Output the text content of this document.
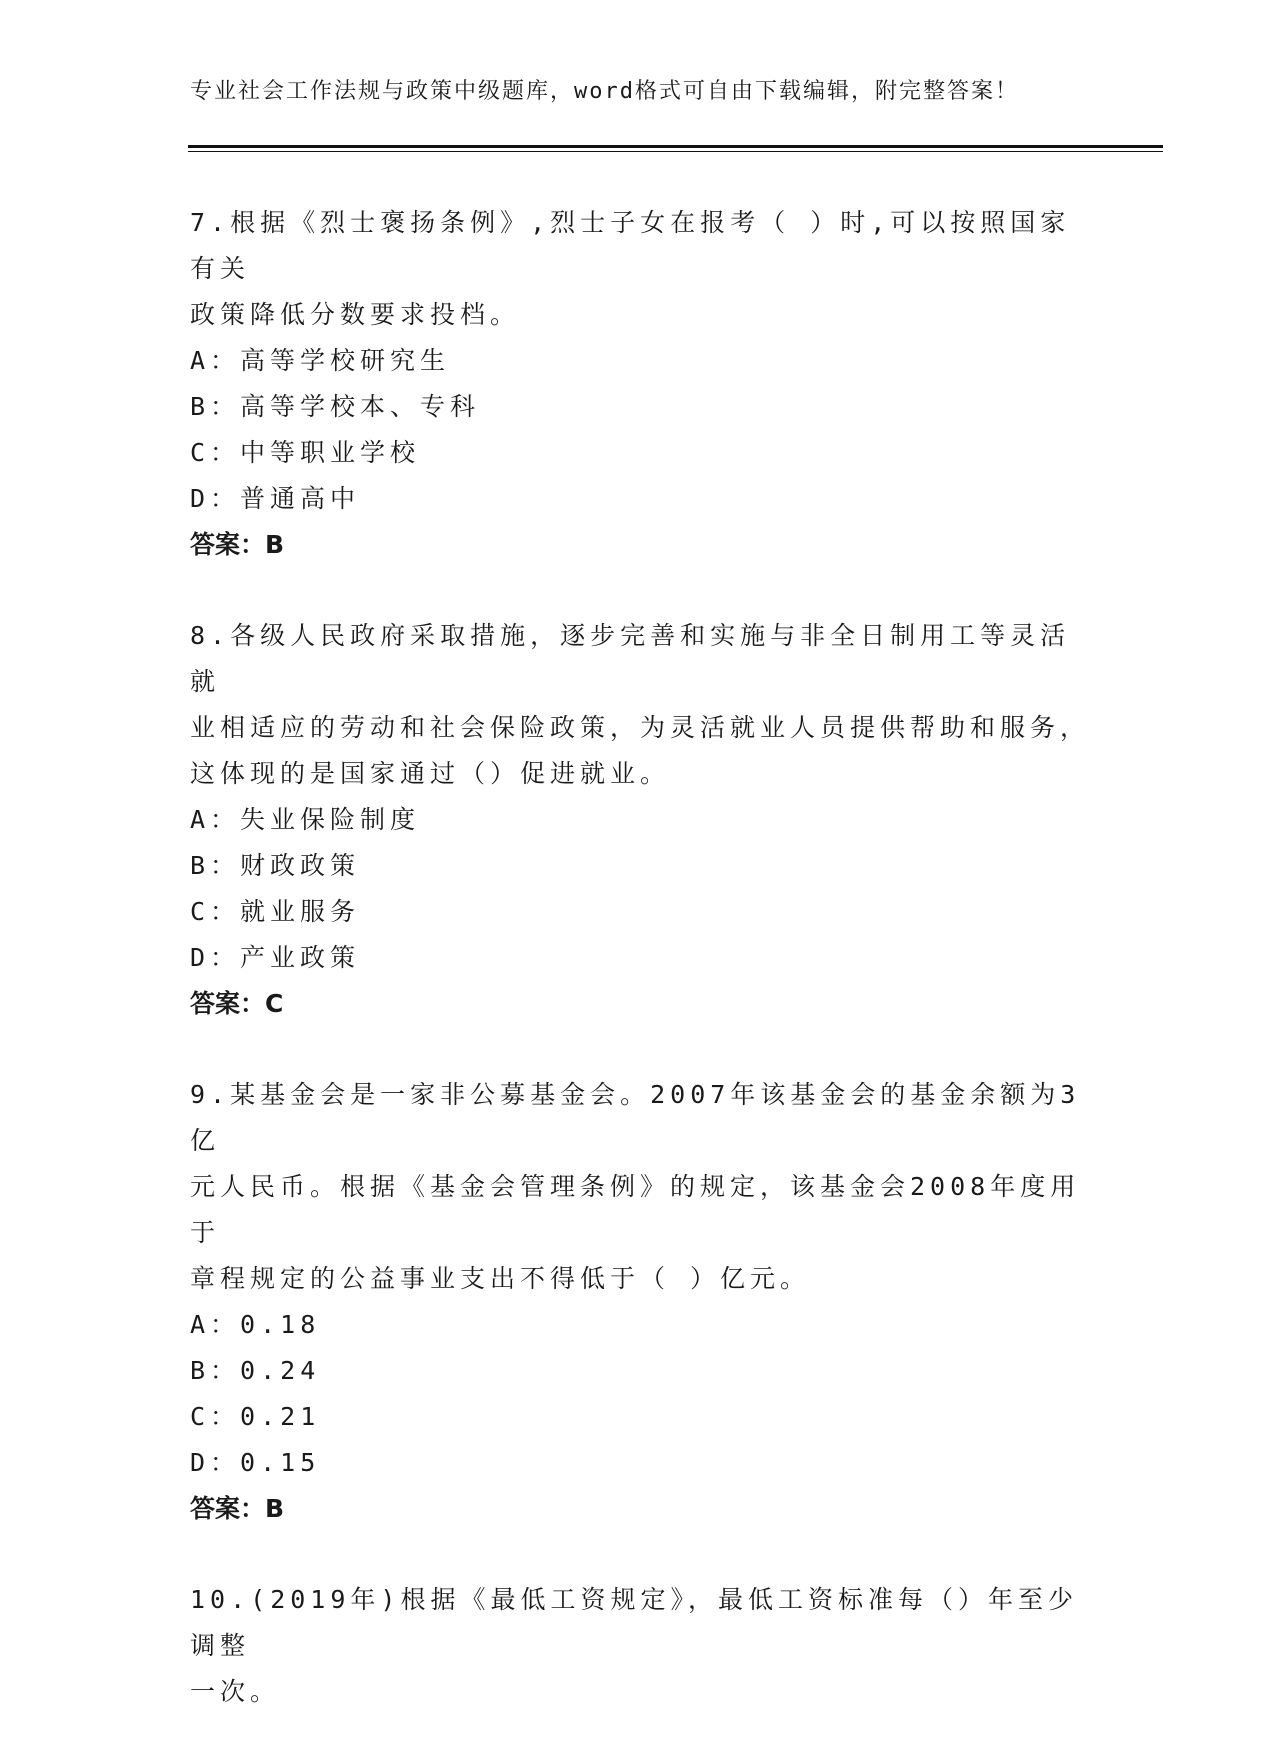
专业社会工作法规与政策中级题库，word格式可自由下载编辑，附完整答案！
7.根据《烈士褒扬条例》,烈士子女在报考（ ）时,可以按照国家有关
政策降低分数要求投档。
A：高等学校研究生
B：高等学校本、专科
C：中等职业学校
D：普通高中
答案：B
8.各级人民政府采取措施，逐步完善和实施与非全日制用工等灵活就
业相适应的劳动和社会保险政策，为灵活就业人员提供帮助和服务，
这体现的是国家通过（）促进就业。
A：失业保险制度
B：财政政策
C：就业服务
D：产业政策
答案：C
9.某基金会是一家非公募基金会。2007年该基金会的基金余额为3亿
元人民币。根据《基金会管理条例》的规定，该基金会2008年度用于
章程规定的公益事业支出不得低于（ ）亿元。
A：0.18
B：0.24
C：0.21
D：0.15
答案：B
10.(2019年)根据《最低工资规定》，最低工资标准每（）年至少调整
一次。
